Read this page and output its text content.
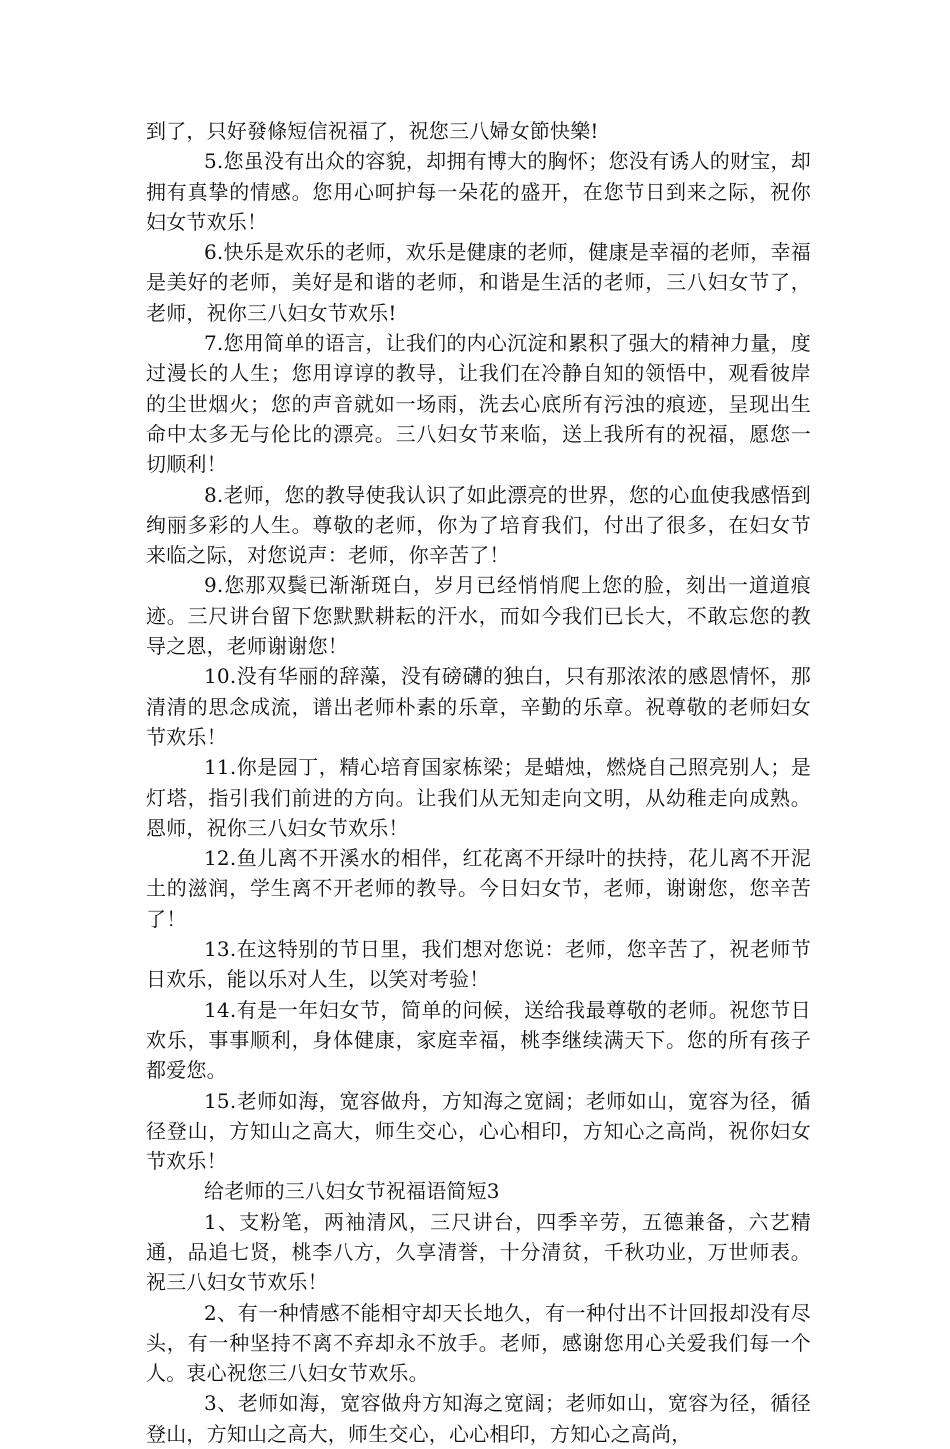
到了，只好發條短信祝福了，祝您三八婦女節快樂!

5.您虽没有出众的容貌，却拥有博大的胸怀；您没有诱人的财宝，却拥有真挚的情感。您用心呵护每一朵花的盛开，在您节日到来之际，祝你妇女节欢乐！

6.快乐是欢乐的老师，欢乐是健康的老师，健康是幸福的老师，幸福是美好的老师，美好是和谐的老师，和谐是生活的老师，三八妇女节了，老师，祝你三八妇女节欢乐!

7.您用简单的语言，让我们的内心沉淀和累积了强大的精神力量，度过漫长的人生；您用谆谆的教导，让我们在冷静自知的领悟中，观看彼岸的尘世烟火；您的声音就如一场雨，洗去心底所有污浊的痕迹，呈现出生命中太多无与伦比的漂亮。三八妇女节来临，送上我所有的祝福，愿您一切顺利！

8.老师，您的教导使我认识了如此漂亮的世界，您的心血使我感悟到绚丽多彩的人生。尊敬的老师，你为了培育我们，付出了很多，在妇女节来临之际，对您说声：老师，你辛苦了！

9.您那双鬓已渐渐斑白，岁月已经悄悄爬上您的脸，刻出一道道痕迹。三尺讲台留下您默默耕耘的汗水，而如今我们已长大，不敢忘您的教导之恩，老师谢谢您！

10.没有华丽的辞藻，没有磅礴的独白，只有那浓浓的感恩情怀，那清清的思念成流，谱出老师朴素的乐章，辛勤的乐章。祝尊敬的老师妇女节欢乐！

11.你是园丁，精心培育国家栋梁；是蜡烛，燃烧自己照亮别人；是灯塔，指引我们前进的方向。让我们从无知走向文明，从幼稚走向成熟。恩师，祝你三八妇女节欢乐！

12.鱼儿离不开溪水的相伴，红花离不开绿叶的扶持，花儿离不开泥土的滋润，学生离不开老师的教导。今日妇女节，老师，谢谢您，您辛苦了！

13.在这特别的节日里，我们想对您说：老师，您辛苦了，祝老师节日欢乐，能以乐对人生，以笑对考验！

14.有是一年妇女节，简单的问候，送给我最尊敬的老师。祝您节日欢乐，事事顺利，身体健康，家庭幸福，桃李继续满天下。您的所有孩子都爱您。

15.老师如海，宽容做舟，方知海之宽阔；老师如山，宽容为径，循径登山，方知山之高大，师生交心，心心相印，方知心之高尚，祝你妇女节欢乐！

给老师的三八妇女节祝福语简短3

1、支粉笔，两袖清风，三尺讲台，四季辛劳，五德兼备，六艺精通，品追七贤，桃李八方，久享清誉，十分清贫，千秋功业，万世师表。祝三八妇女节欢乐！

2、有一种情感不能相守却天长地久，有一种付出不计回报却没有尽头，有一种坚持不离不弃却永不放手。老师，感谢您用心关爱我们每一个人。衷心祝您三八妇女节欢乐。

3、老师如海，宽容做舟方知海之宽阔；老师如山，宽容为径，循径登山，方知山之高大，师生交心，心心相印，方知心之高尚，
